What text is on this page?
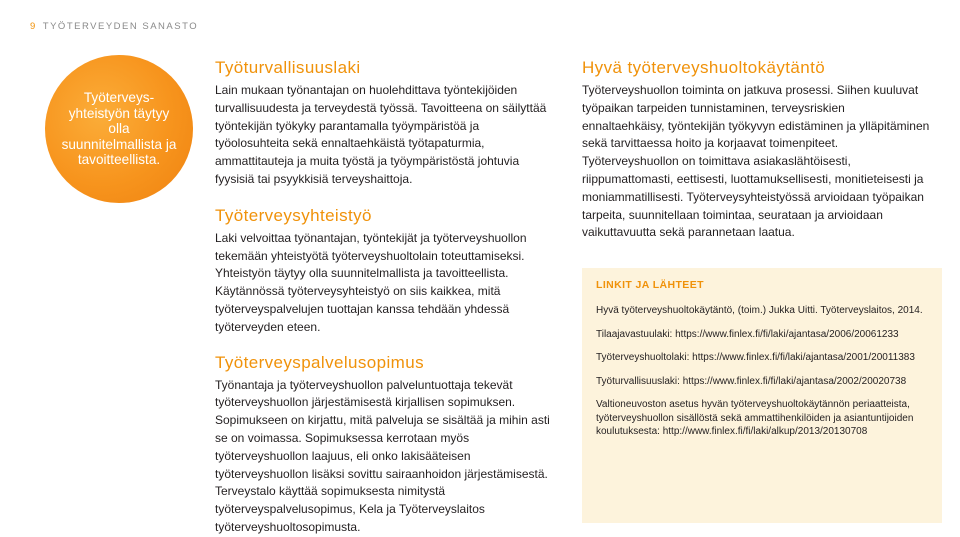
9 TYÖTERVEYDEN SANASTO
Työterveys-yhteistyön täytyy olla suunnitelmallista ja tavoitteellista.
Työturvallisuuslaki

Lain mukaan työnantajan on huolehdittava työntekijöiden turvallisuudesta ja terveydestä työssä. Tavoitteena on säilyttää työntekijän työkyky parantamalla työympäristöä ja työolosuhteita sekä ennaltaehkäistä työtapaturmia, ammattitauteja ja muita työstä ja työympäristöstä johtuvia fyysisiä tai psyykkisiä terveyshaittoja.

Työterveysyhteistyö

Laki velvoittaa työnantajan, työntekijät ja työterveyshuollon tekemään yhteistyötä työterveyshuoltolain toteuttamiseksi. Yhteistyön täytyy olla suunnitelmallista ja tavoitteellista. Käytännössä työterveysyhteistyö on siis kaikkea, mitä työterveyspalvelujen tuottajan kanssa tehdään yhdessä työterveyden eteen.

Työterveyspalvelusopimus

Työnantaja ja työterveyshuollon palveluntuottaja tekevät työterveyshuollon järjestämisestä kirjallisen sopimuksen. Sopimukseen on kirjattu, mitä palveluja se sisältää ja mihin asti se on voimassa. Sopimuksessa kerrotaan myös työterveyshuollon laajuus, eli onko lakisääteisen työterveyshuollon lisäksi sovittu sairaanhoidon järjestämisestä. Terveystalo käyttää sopimuksesta nimitystä työterveyspalvelusopimus, Kela ja Työterveyslaitos työterveyshuoltosopimusta.

Hyvä työterveyshuoltokäytäntö

Työterveyshuollon toiminta on jatkuva prosessi. Siihen kuuluvat työpaikan tarpeiden tunnistaminen, terveysriskien ennaltaehkäisy, työntekijän työkyvyn edistäminen ja ylläpitäminen sekä tarvittaessa hoito ja korjaavat toimenpiteet. Työterveyshuollon on toimittava asiakaslähtöisesti, riippumattomasti, eettisesti, luottamuksellisesti, monitieteisesti ja moniammatillisesti. Työterveysyhteistyössä arvioidaan työpaikan tarpeita, suunnitellaan toimintaa, seurataan ja arvioidaan vaikuttavuutta sekä parannetaan laatua.

LINKIT JA LÄHTEET

Hyvä työterveyshuoltokäytäntö, (toim.) Jukka Uitti. Työterveyslaitos, 2014.

Tilaajavastuulaki: https://www.finlex.fi/fi/laki/ajantasa/2006/20061233

Työterveyshuoltolaki: https://www.finlex.fi/fi/laki/ajantasa/2001/20011383

Työturvallisuuslaki: https://www.finlex.fi/fi/laki/ajantasa/2002/20020738

Valtioneuvoston asetus hyvän työterveyshuoltokäytännön periaatteista, työterveyshuollon sisällöstä sekä ammattihenkilöiden ja asiantuntijoiden koulutuksesta: http://www.finlex.fi/fi/laki/alkup/2013/20130708
